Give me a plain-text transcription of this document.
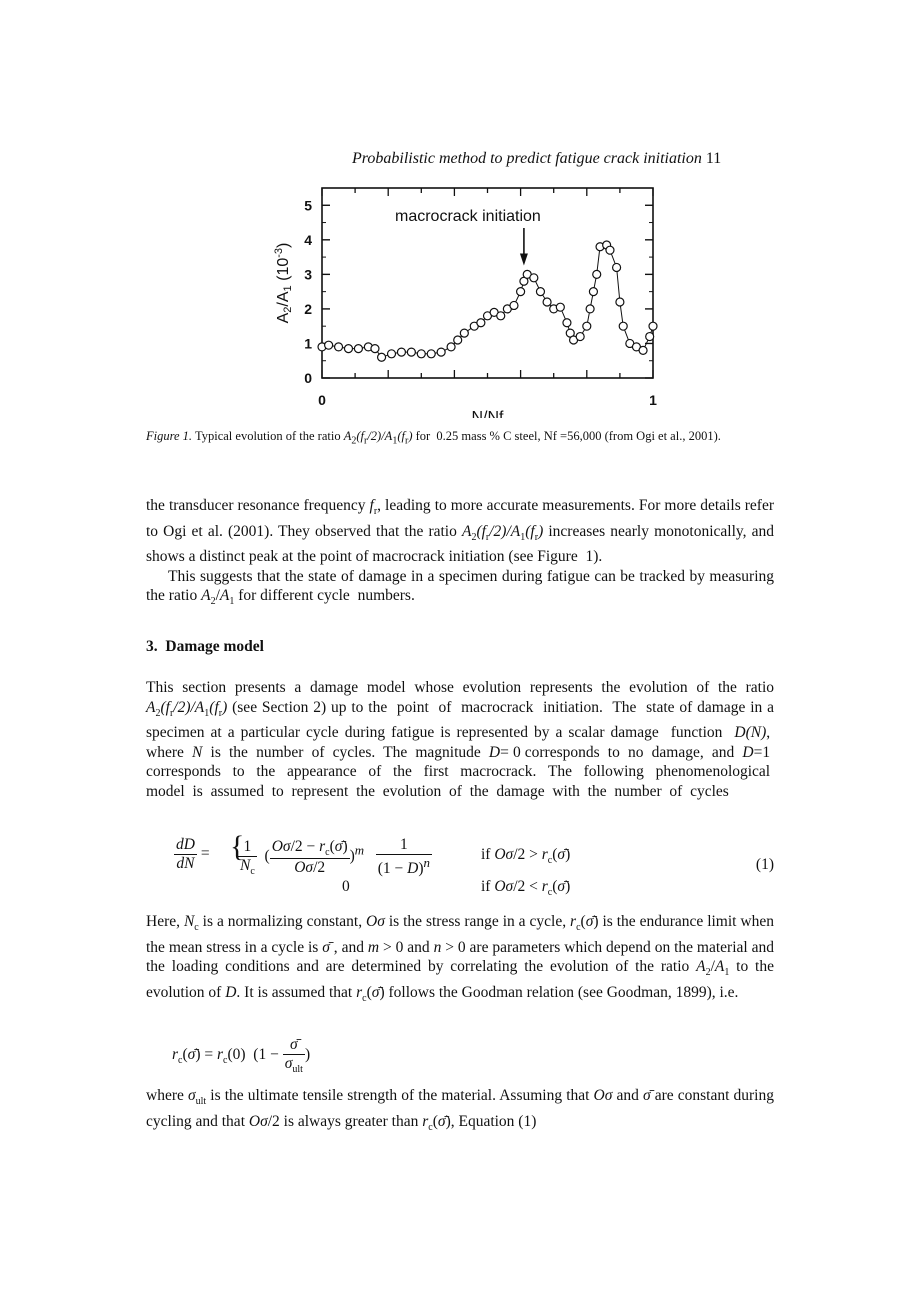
Probabilistic method to predict fatigue crack initiation 11
0
1
2
3
4
5
0	1
macrocrack initiation
N/Nf
A2/A1 $(10^{-3})$
Figure 1. Typical evolution of the ratio $A_2(f_r/2)/A_1(f_r)$ for  0.25 mass % C steel, Nf =56,000 (from Ogi et al., 2001).

the transducer resonance frequency $f_r$, leading to more accurate measurements. For more details refer to Ogi et al. (2001). They observed that the ratio $A_2(f_r/2)/A_1(f_r)$ increases nearly monotonically, and shows a distinct peak at the point of macrocrack initiation (see Figure  1).

This suggests that the state of damage in a specimen during fatigue can be tracked by measuring the ratio $A_2/A_1$ for different cycle  numbers.

3. Damage model

This section presents a damage model whose evolution represents the evolution of the ratio $A_2(f_r/2)/A_1(f_r)$ (see Section 2) up to the  point  of  macrocrack  initiation.  The  state of damage in a specimen at a particular cycle during fatigue is represented by a scalar damage  function  D(N),  where  N  is  the  number  of  cycles.  The  magnitude  D= 0 corresponds  to  no  damage,  and  D=1  corresponds  to  the  appearance  of  the  first  macrocrack.  The  following  phenomenological  model  is  assumed  to  represent  the  evolution  of  the  damage  with  the  number  of  cycles

$\frac{dD}{dN}$ = {
$\frac{1}{N_c}$ ( $\frac{O\sigma/2 - r_c(\sigmā)}{O\sigma/2} )^m \frac{1}{(1 - D)^n}$	if $O\sigma/2 > r_c(\sigmā)$
0	if $O\sigma/2 < r_c(\sigmā)$
(1)

Here, $N_c$ is a normalizing constant, Oσ is the stress range in a cycle, $r_c(\sigmā)$ is the endurance limit when the mean stress in a cycle is σ̄ , and m > 0 and n > 0 are parameters which depend on the material and the loading conditions and are determined by correlating the evolution of the ratio $A_2/A_1$ to the evolution of D. It is assumed that $r_c(\sigmā)$ follows the Goodman relation (see Goodman, 1899), i.e.

$r_c(\sigmā) = r_c(0) (1 - \frac{\sigmā}{\sigma_{ult}}$ )

where $\sigma_{ult}$ is the ultimate tensile strength of the material. Assuming that Oσ and σ̄ are constant during cycling and that Oσ/2 is always greater than $r_c(\sigmā)$, Equation (1)
